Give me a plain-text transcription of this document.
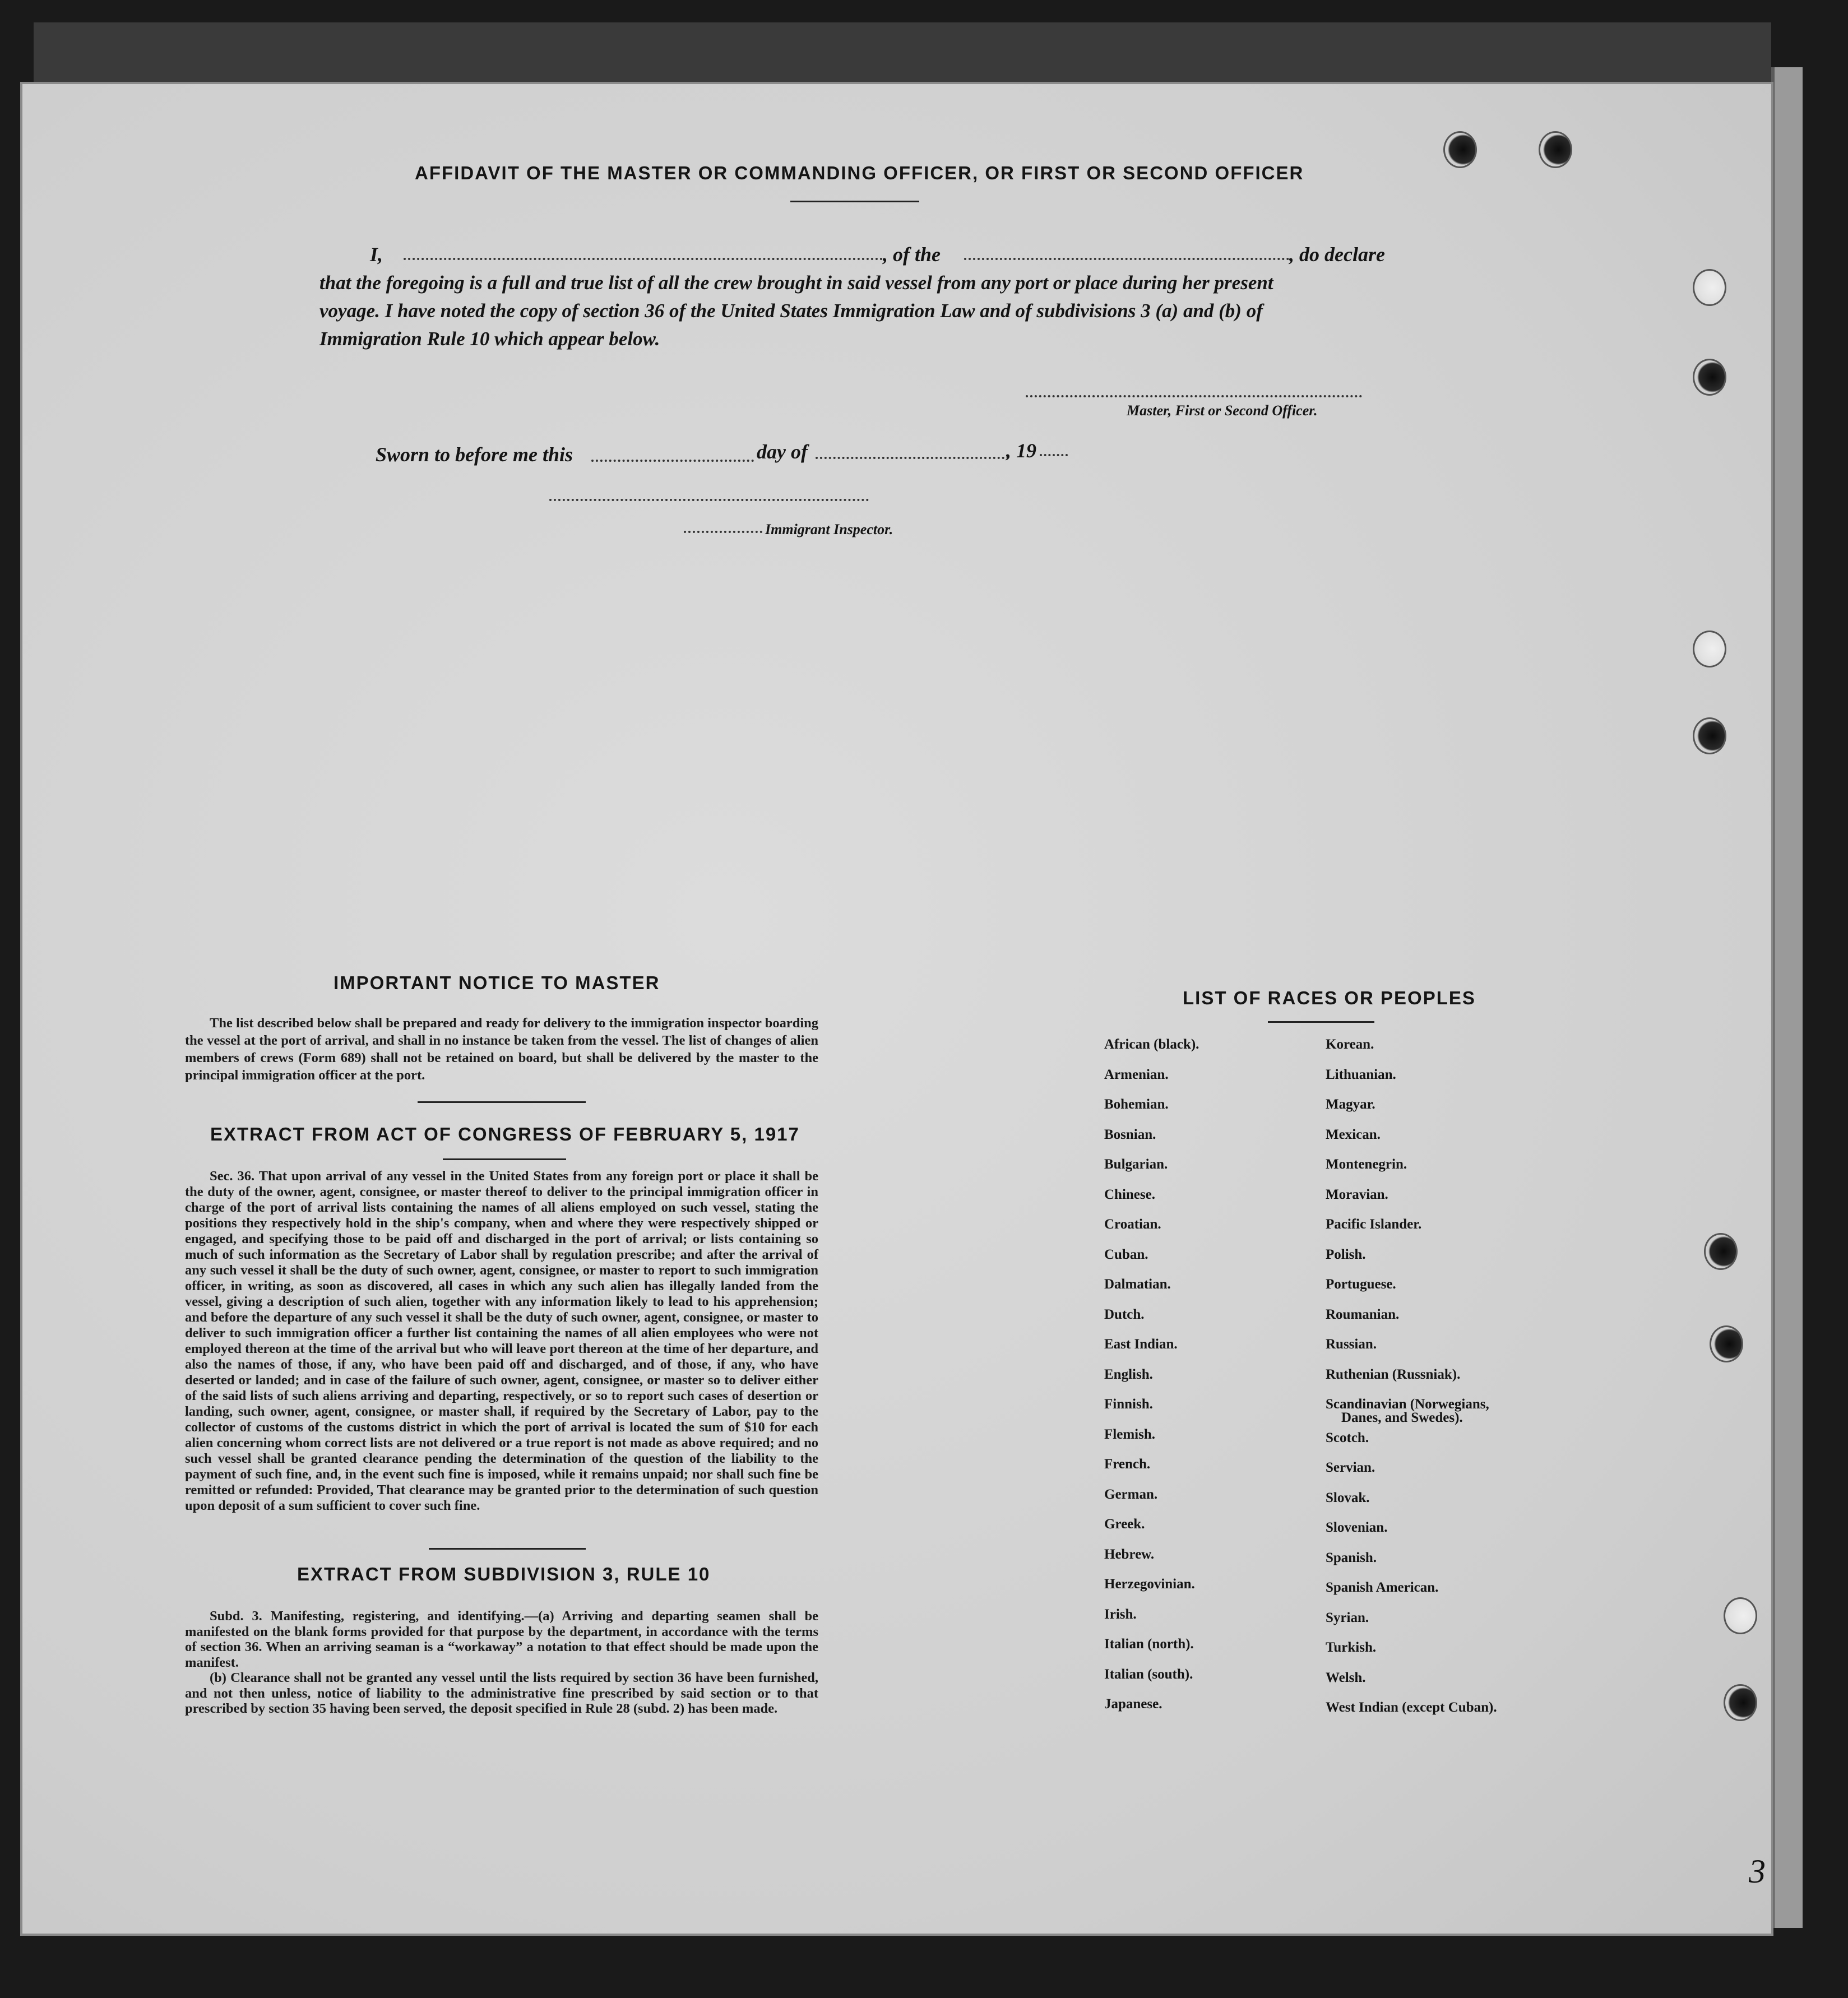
AFFIDAVIT OF THE MASTER OR COMMANDING OFFICER, OR FIRST OR SECOND OFFICER
I,	, of the	, do declare
that the foregoing is a full and true list of all the crew brought in said vessel from any port or place during her present
voyage. I have noted the copy of section 36 of the United States Immigration Law and of subdivisions 3 (a) and (b) of
Immigration Rule 10 which appear below.
Master, First or Second Officer.
Sworn to before me this	day of	, 19
Immigrant Inspector.
IMPORTANT NOTICE TO MASTER

The list described below shall be prepared and ready for delivery to the immigration inspector boarding the vessel at the port of arrival, and shall in no instance be taken from the vessel. The list of changes of alien members of crews (Form 689) shall not be retained on board, but shall be delivered by the master to the principal immigration officer at the port.

EXTRACT FROM ACT OF CONGRESS OF FEBRUARY 5, 1917

Sec. 36. That upon arrival of any vessel in the United States from any foreign port or place it shall be the duty of the owner, agent, consignee, or master thereof to deliver to the principal immigration officer in charge of the port of arrival lists containing the names of all aliens employed on such vessel, stating the positions they respectively hold in the ship's company, when and where they were respectively shipped or engaged, and specifying those to be paid off and discharged in the port of arrival; or lists containing so much of such information as the Secretary of Labor shall by regulation prescribe; and after the arrival of any such vessel it shall be the duty of such owner, agent, consignee, or master to report to such immigration officer, in writing, as soon as discovered, all cases in which any such alien has illegally landed from the vessel, giving a description of such alien, together with any information likely to lead to his apprehension; and before the departure of any such vessel it shall be the duty of such owner, agent, consignee, or master to deliver to such immigration officer a further list containing the names of all alien employees who were not employed thereon at the time of the arrival but who will leave port thereon at the time of her departure, and also the names of those, if any, who have been paid off and discharged, and of those, if any, who have deserted or landed; and in case of the failure of such owner, agent, consignee, or master so to deliver either of the said lists of such aliens arriving and departing, respectively, or so to report such cases of desertion or landing, such owner, agent, consignee, or master shall, if required by the Secretary of Labor, pay to the collector of customs of the customs district in which the port of arrival is located the sum of $10 for each alien concerning whom correct lists are not delivered or a true report is not made as above required; and no such vessel shall be granted clearance pending the determination of the question of the liability to the payment of such fine, and, in the event such fine is imposed, while it remains unpaid; nor shall such fine be remitted or refunded: Provided, That clearance may be granted prior to the determination of such question upon deposit of a sum sufficient to cover such fine.

EXTRACT FROM SUBDIVISION 3, RULE 10

Subd. 3. Manifesting, registering, and identifying.—(a) Arriving and departing seamen shall be manifested on the blank forms provided for that purpose by the department, in accordance with the terms of section 36. When an arriving seaman is a “workaway” a notation to that effect should be made upon the manifest.

(b) Clearance shall not be granted any vessel until the lists required by section 36 have been furnished, and not then unless, notice of liability to the administrative fine prescribed by said section or to that prescribed by section 35 having been served, the deposit specified in Rule 28 (subd. 2) has been made.

LIST OF RACES OR PEOPLES
African (black).
Armenian.
Bohemian.
Bosnian.
Bulgarian.
Chinese.
Croatian.
Cuban.
Dalmatian.
Dutch.
East Indian.
English.
Finnish.
Flemish.
French.
German.
Greek.
Hebrew.
Herzegovinian.
Irish.
Italian (north).
Italian (south).
Japanese.
Korean.
Lithuanian.
Magyar.
Mexican.
Montenegrin.
Moravian.
Pacific Islander.
Polish.
Portuguese.
Roumanian.
Russian.
Ruthenian (Russniak).
Scandinavian (Norwegians,
Scotch.
Servian.
Slovak.
Slovenian.
Spanish.
Spanish American.
Syrian.
Turkish.
Welsh.
West Indian (except Cuban).
Danes, and Swedes).
3
